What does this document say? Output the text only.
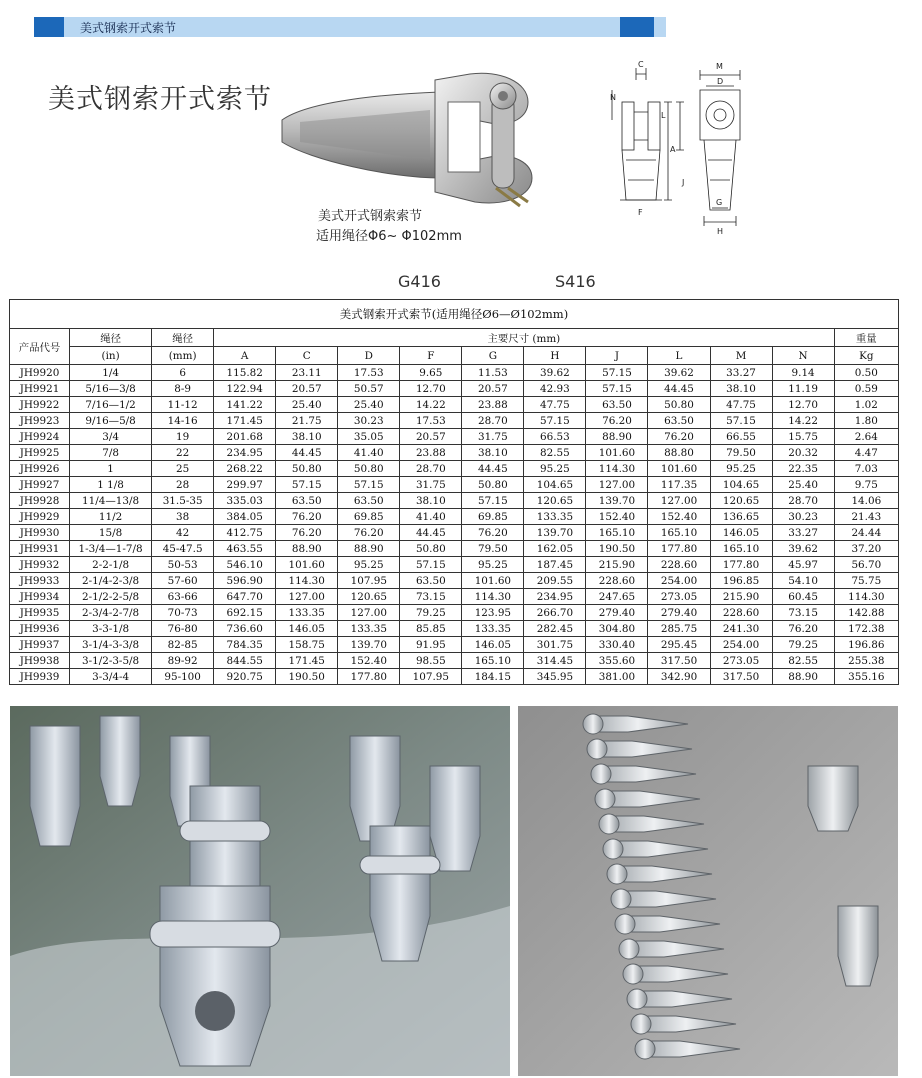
美式钢索开式索节
美式钢索开式索节
美式开式钢索索节
适用绳径Φ6~ Φ102mm
C
N
L
A
J
F
M
D
G
H
G416	S416
美式钢索开式索节(适用绳径Ø6—Ø102mm)													
产品代号	绳径	绳径	主要尺寸 (mm)										重量
	(in)	(mm)	A	C	D	F	G	H	J	L	M	N	Kg
JH9920	1/4	6	115.82	23.11	17.53	9.65	11.53	39.62	57.15	39.62	33.27	9.14	0.50
JH9921	5/16—3/8	8-9	122.94	20.57	50.57	12.70	20.57	42.93	57.15	44.45	38.10	11.19	0.59
JH9922	7/16—1/2	11-12	141.22	25.40	25.40	14.22	23.88	47.75	63.50	50.80	47.75	12.70	1.02
JH9923	9/16—5/8	14-16	171.45	21.75	30.23	17.53	28.70	57.15	76.20	63.50	57.15	14.22	1.80
JH9924	3/4	19	201.68	38.10	35.05	20.57	31.75	66.53	88.90	76.20	66.55	15.75	2.64
JH9925	7/8	22	234.95	44.45	41.40	23.88	38.10	82.55	101.60	88.80	79.50	20.32	4.47
JH9926	1	25	268.22	50.80	50.80	28.70	44.45	95.25	114.30	101.60	95.25	22.35	7.03
JH9927	1 1/8	28	299.97	57.15	57.15	31.75	50.80	104.65	127.00	117.35	104.65	25.40	9.75
JH9928	11/4—13/8	31.5-35	335.03	63.50	63.50	38.10	57.15	120.65	139.70	127.00	120.65	28.70	14.06
JH9929	11/2	38	384.05	76.20	69.85	41.40	69.85	133.35	152.40	152.40	136.65	30.23	21.43
JH9930	15/8	42	412.75	76.20	76.20	44.45	76.20	139.70	165.10	165.10	146.05	33.27	24.44
JH9931	1-3/4—1-7/8	45-47.5	463.55	88.90	88.90	50.80	79.50	162.05	190.50	177.80	165.10	39.62	37.20
JH9932	2-2-1/8	50-53	546.10	101.60	95.25	57.15	95.25	187.45	215.90	228.60	177.80	45.97	56.70
JH9933	2-1/4-2-3/8	57-60	596.90	114.30	107.95	63.50	101.60	209.55	228.60	254.00	196.85	54.10	75.75
JH9934	2-1/2-2-5/8	63-66	647.70	127.00	120.65	73.15	114.30	234.95	247.65	273.05	215.90	60.45	114.30
JH9935	2-3/4-2-7/8	70-73	692.15	133.35	127.00	79.25	123.95	266.70	279.40	279.40	228.60	73.15	142.88
JH9936	3-3-1/8	76-80	736.60	146.05	133.35	85.85	133.35	282.45	304.80	285.75	241.30	76.20	172.38
JH9937	3-1/4-3-3/8	82-85	784.35	158.75	139.70	91.95	146.05	301.75	330.40	295.45	254.00	79.25	196.86
JH9938	3-1/2-3-5/8	89-92	844.55	171.45	152.40	98.55	165.10	314.45	355.60	317.50	273.05	82.55	255.38
JH9939	3-3/4-4	95-100	920.75	190.50	177.80	107.95	184.15	345.95	381.00	342.90	317.50	88.90	355.16
